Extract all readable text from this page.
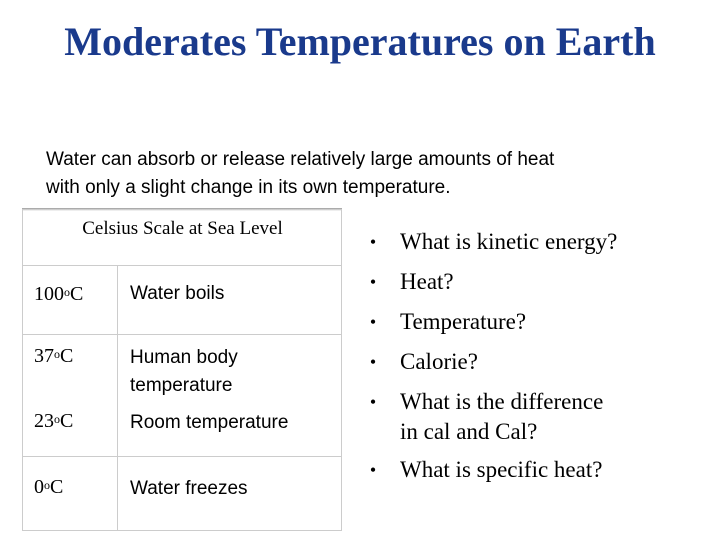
Moderates Temperatures on Earth
Water can absorb or release relatively large amounts of heat
with only a slight change in its own temperature.
Celsius Scale at Sea Level
100$^o$C Water boils
37$^o$C	Human body temperature
23$^o$C	Room temperature
0$^o$C	Water freezes
•	What is kinetic energy?
•	Heat?
•	Temperature?
•	Calorie?
•	What is the difference
in cal and Cal?
•	What is specific heat?
